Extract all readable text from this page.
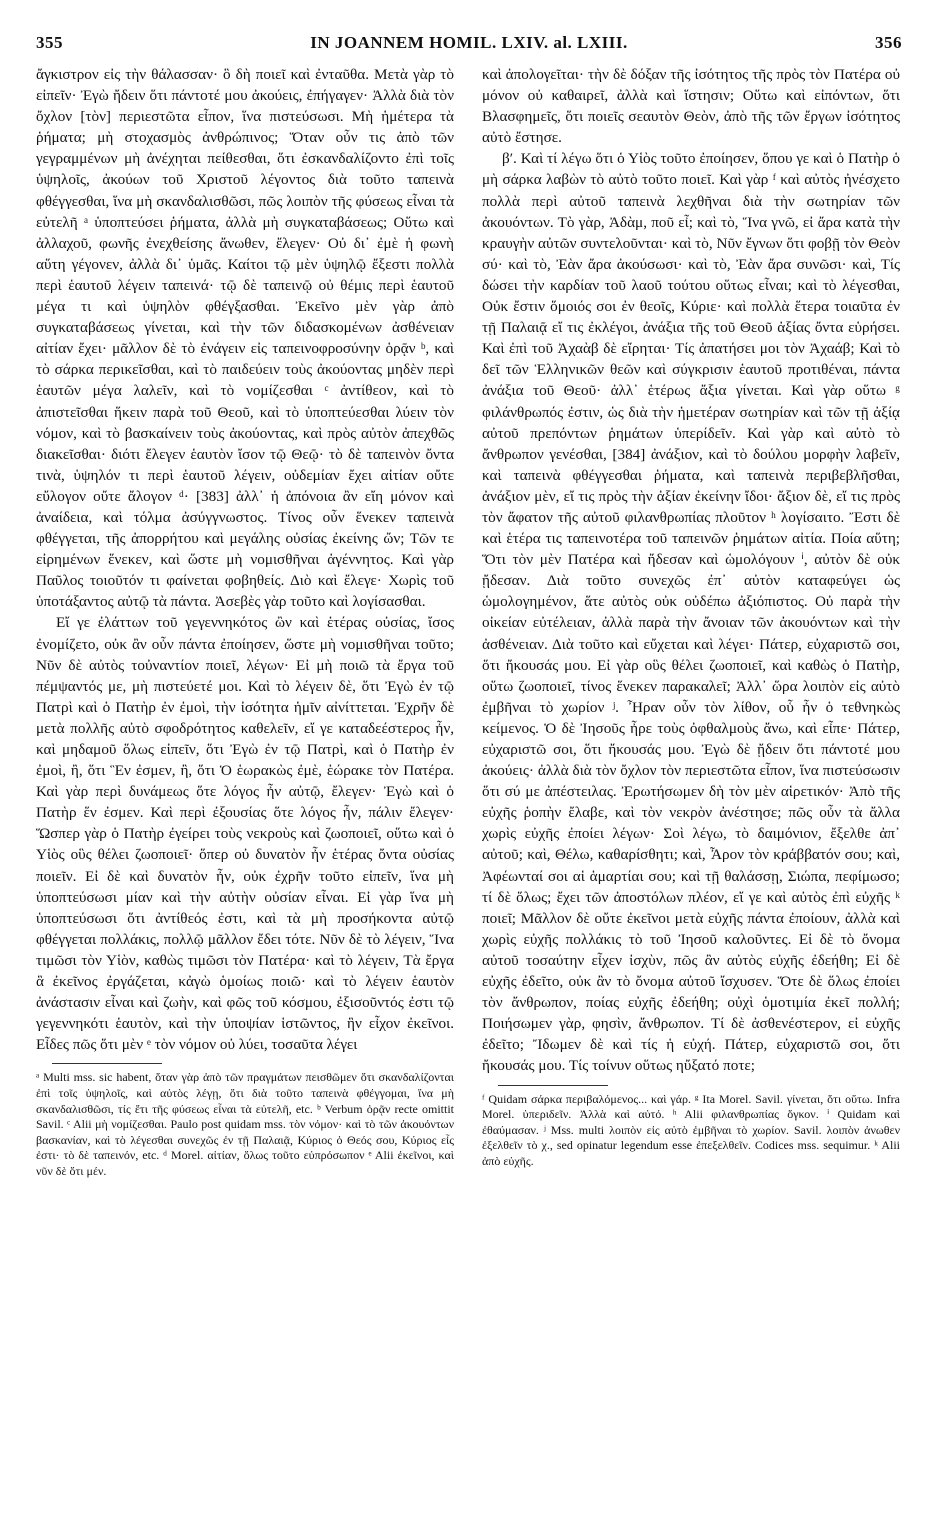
355	IN JOANNEM HOMIL. LXIV. al. LXIII.	356

ἄγκιστρον εἰς τὴν θάλασσαν· ὃ δὴ ποιεῖ καὶ ἐνταῦθα. Μετὰ γὰρ τὸ εἰπεῖν· Ἐγὼ ἤδειν ὅτι πάντοτέ μου ἀκούεις, ἐπήγαγεν· Ἀλλὰ διὰ τὸν ὄχλον [τὸν] περιεστῶτα εἶπον, ἵνα πιστεύσωσι. Μὴ ἡμέτερα τὰ ῥήματα; μὴ στοχασμὸς ἀνθρώπινος; Ὅταν οὖν τις ἀπὸ τῶν γεγραμμένων μὴ ἀνέχηται πείθεσθαι, ὅτι ἐσκανδαλίζοντο ἐπὶ τοῖς ὑψηλοῖς, ἀκούων τοῦ Χριστοῦ λέγοντος διὰ τοῦτο ταπεινὰ φθέγγεσθαι, ἵνα μὴ σκανδαλισθῶσι, πῶς λοιπὸν τῆς φύσεως εἶναι τὰ εὐτελῆ ᵃ ὑποπτεύσει ῥήματα, ἀλλὰ μὴ συγκαταβάσεως; Οὕτω καὶ ἀλλαχοῦ, φωνῆς ἐνεχθείσης ἄνωθεν, ἔλεγεν· Οὐ δι᾽ ἐμὲ ἡ φωνὴ αὕτη γέγονεν, ἀλλὰ δι᾽ ὑμᾶς. Καίτοι τῷ μὲν ὑψηλῷ ἔξεστι πολλὰ περὶ ἑαυτοῦ λέγειν ταπεινά· τῷ δὲ ταπεινῷ οὐ θέμις περὶ ἑαυτοῦ μέγα τι καὶ ὑψηλὸν φθέγξασθαι. Ἐκεῖνο μὲν γὰρ ἀπὸ συγκαταβάσεως γίνεται, καὶ τὴν τῶν διδασκομένων ἀσθένειαν αἰτίαν ἔχει· μᾶλλον δὲ τὸ ἐνάγειν εἰς ταπεινοφροσύνην ὁρᾷν ᵇ, καὶ τὸ σάρκα περικεῖσθαι, καὶ τὸ παιδεύειν τοὺς ἀκούοντας μηδὲν περὶ ἑαυτῶν μέγα λαλεῖν, καὶ τὸ νομίζεσθαι ᶜ ἀντίθεον, καὶ τὸ ἀπιστεῖσθαι ἥκειν παρὰ τοῦ Θεοῦ, καὶ τὸ ὑποπτεύεσθαι λύειν τὸν νόμον, καὶ τὸ βασκαίνειν τοὺς ἀκούοντας, καὶ πρὸς αὐτὸν ἀπεχθῶς διακεῖσθαι· διότι ἔλεγεν ἑαυτὸν ἴσον τῷ Θεῷ· τὸ δὲ ταπεινὸν ὄντα τινὰ, ὑψηλόν τι περὶ ἑαυτοῦ λέγειν, οὐδεμίαν ἔχει αἰτίαν οὔτε εὔλογον οὔτε ἄλογον ᵈ· [383] ἀλλ᾽ ἡ ἀπόνοια ἂν εἴη μόνον καὶ ἀναίδεια, καὶ τόλμα ἀσύγγνωστος. Τίνος οὖν ἕνεκεν ταπεινὰ φθέγγεται, τῆς ἀπορρήτου καὶ μεγάλης οὐσίας ἐκείνης ὤν; Τῶν τε εἰρημένων ἕνεκεν, καὶ ὥστε μὴ νομισθῆναι ἀγέννητος. Καὶ γὰρ Παῦλος τοιοῦτόν τι φαίνεται φοβηθείς. Διὸ καὶ ἔλεγε· Χωρὶς τοῦ ὑποτάξαντος αὐτῷ τὰ πάντα. Ἀσεβὲς γὰρ τοῦτο καὶ λογίσασθαι.

Εἴ γε ἐλάττων τοῦ γεγεννηκότος ὢν καὶ ἑτέρας οὐσίας, ἴσος ἐνομίζετο, οὐκ ἂν οὖν πάντα ἐποίησεν, ὥστε μὴ νομισθῆναι τοῦτο; Νῦν δὲ αὐτὸς τοὐναντίον ποιεῖ, λέγων· Εἰ μὴ ποιῶ τὰ ἔργα τοῦ πέμψαντός με, μὴ πιστεύετέ μοι. Καὶ τὸ λέγειν δὲ, ὅτι Ἐγὼ ἐν τῷ Πατρὶ καὶ ὁ Πατὴρ ἐν ἐμοὶ, τὴν ἰσότητα ἡμῖν αἰνίττεται. Ἐχρῆν δὲ μετὰ πολλῆς αὐτὸ σφοδρότητος καθελεῖν, εἴ γε καταδεέστερος ἦν, καὶ μηδαμοῦ ὅλως εἰπεῖν, ὅτι Ἐγὼ ἐν τῷ Πατρὶ, καὶ ὁ Πατὴρ ἐν ἐμοὶ, ἢ, ὅτι Ἓν ἐσμεν, ἢ, ὅτι Ὁ ἑωρακὼς ἐμὲ, ἑώρακε τὸν Πατέρα. Καὶ γὰρ περὶ δυνάμεως ὅτε λόγος ἦν αὐτῷ, ἔλεγεν· Ἐγὼ καὶ ὁ Πατὴρ ἕν ἐσμεν. Καὶ περὶ ἐξουσίας ὅτε λόγος ἦν, πάλιν ἔλεγεν· Ὥσπερ γὰρ ὁ Πατὴρ ἐγείρει τοὺς νεκροὺς καὶ ζωοποιεῖ, οὕτω καὶ ὁ Υἱὸς οὓς θέλει ζωοποιεῖ· ὅπερ οὐ δυνατὸν ἦν ἑτέρας ὄντα οὐσίας ποιεῖν. Εἰ δὲ καὶ δυνατὸν ἦν, οὐκ ἐχρῆν τοῦτο εἰπεῖν, ἵνα μὴ ὑποπτεύσωσι μίαν καὶ τὴν αὐτὴν οὐσίαν εἶναι. Εἰ γὰρ ἵνα μὴ ὑποπτεύσωσι ὅτι ἀντίθεός ἐστι, καὶ τὰ μὴ προσήκοντα αὐτῷ φθέγγεται πολλάκις, πολλῷ μᾶλλον ἔδει τότε. Νῦν δὲ τὸ λέγειν, Ἵνα τιμῶσι τὸν Υἱὸν, καθὼς τιμῶσι τὸν Πατέρα· καὶ τὸ λέγειν, Τὰ ἔργα ἃ ἐκεῖνος ἐργάζεται, κἀγὼ ὁμοίως ποιῶ· καὶ τὸ λέγειν ἑαυτὸν ἀνάστασιν εἶναι καὶ ζωὴν, καὶ φῶς τοῦ κόσμου, ἐξισοῦντός ἐστι τῷ γεγεννηκότι ἑαυτὸν, καὶ τὴν ὑποψίαν ἱστῶντος, ἣν εἶχον ἐκεῖνοι. Εἶδες πῶς ὅτι μὲν ᵉ τὸν νόμον οὐ λύει, τοσαῦτα λέγει

ᵃ Multi mss. sic habent, ὅταν γὰρ ἀπὸ τῶν πραγμάτων πεισθῶμεν ὅτι σκανδαλίζονται ἐπὶ τοῖς ὑψηλοῖς, καὶ αὐτὸς λέγῃ, ὅτι διὰ τοῦτο ταπεινὰ φθέγγομαι, ἵνα μὴ σκανδαλισθῶσι, τίς ἔτι τῆς φύσεως εἶναι τὰ εὐτελῆ, etc. ᵇ Verbum ὁρᾷν recte omittit Savil. ᶜ Alii μὴ νομίζεσθαι. Paulo post quidam mss. τὸν νόμον· καὶ τὸ τῶν ἀκουόντων βασκανίαν, καὶ τὸ λέγεσθαι συνεχῶς ἐν τῇ Παλαιᾷ, Κύριος ὁ Θεός σου, Κύριος εἷς ἐστι· τὸ δὲ ταπεινόν, etc. ᵈ Morel. αἰτίαν, ὅλως τοῦτο εὐπρόσωπον ᵉ Alii ἐκεῖνοι, καὶ νῦν δὲ ὅτι μέν.

καὶ ἀπολογεῖται· τὴν δὲ δόξαν τῆς ἰσότητος τῆς πρὸς τὸν Πατέρα οὐ μόνον οὐ καθαιρεῖ, ἀλλὰ καὶ ἵστησιν; Οὕτω καὶ εἰπόντων, ὅτι Βλασφημεῖς, ὅτι ποιεῖς σεαυτὸν Θεὸν, ἀπὸ τῆς τῶν ἔργων ἰσότητος αὐτὸ ἔστησε.

βʹ. Καὶ τί λέγω ὅτι ὁ Υἱὸς τοῦτο ἐποίησεν, ὅπου γε καὶ ὁ Πατὴρ ὁ μὴ σάρκα λαβὼν τὸ αὐτὸ τοῦτο ποιεῖ. Καὶ γὰρ ᶠ καὶ αὐτὸς ἠνέσχετο πολλὰ περὶ αὐτοῦ ταπεινὰ λεχθῆναι διὰ τὴν σωτηρίαν τῶν ἀκουόντων. Τὸ γὰρ, Ἀδὰμ, ποῦ εἶ; καὶ τὸ, Ἵνα γνῶ, εἰ ἄρα κατὰ τὴν κραυγὴν αὐτῶν συντελοῦνται· καὶ τὸ, Νῦν ἔγνων ὅτι φοβῇ τὸν Θεὸν σύ· καὶ τὸ, Ἐὰν ἄρα ἀκούσωσι· καὶ τὸ, Ἐὰν ἄρα συνῶσι· καὶ, Τίς δώσει τὴν καρδίαν τοῦ λαοῦ τούτου οὕτως εἶναι; καὶ τὸ λέγεσθαι, Οὐκ ἔστιν ὅμοιός σοι ἐν θεοῖς, Κύριε· καὶ πολλὰ ἕτερα τοιαῦτα ἐν τῇ Παλαιᾷ εἴ τις ἐκλέγοι, ἀνάξια τῆς τοῦ Θεοῦ ἀξίας ὄντα εὑρήσει. Καὶ ἐπὶ τοῦ Ἀχαὰβ δὲ εἴρηται· Τίς ἀπατήσει μοι τὸν Ἀχαάβ; Καὶ τὸ δεῖ τῶν Ἑλληνικῶν θεῶν καὶ σύγκρισιν ἑαυτοῦ προτιθέναι, πάντα ἀνάξια τοῦ Θεοῦ· ἀλλ᾽ ἑτέρως ἄξια γίνεται. Καὶ γὰρ οὕτω ᵍ φιλάνθρωπός ἐστιν, ὡς διὰ τὴν ἡμετέραν σωτηρίαν καὶ τῶν τῇ ἀξίᾳ αὐτοῦ πρεπόντων ῥημάτων ὑπερίδεῖν. Καὶ γὰρ καὶ αὐτὸ τὸ ἄνθρωπον γενέσθαι, [384] ἀνάξιον, καὶ τὸ δούλου μορφὴν λαβεῖν, καὶ ταπεινὰ φθέγγεσθαι ῥήματα, καὶ ταπεινὰ περιβεβλῆσθαι, ἀνάξιον μὲν, εἴ τις πρὸς τὴν ἀξίαν ἐκείνην ἴδοι· ἄξιον δὲ, εἴ τις πρὸς τὸν ἄφατον τῆς αὐτοῦ φιλανθρωπίας πλοῦτον ʰ λογίσαιτο. Ἔστι δὲ καὶ ἑτέρα τις ταπεινοτέρα τοῦ ταπεινῶν ῥημάτων αἰτία. Ποία αὕτη; Ὅτι τὸν μὲν Πατέρα καὶ ἤδεσαν καὶ ὡμολόγουν ⁱ, αὐτὸν δὲ οὐκ ᾔδεσαν. Διὰ τοῦτο συνεχῶς ἐπ᾽ αὐτὸν καταφεύγει ὡς ὡμολογημένον, ἅτε αὐτὸς οὐκ οὐδέπω ἀξιόπιστος. Οὐ παρὰ τὴν οἰκείαν εὐτέλειαν, ἀλλὰ παρὰ τὴν ἄνοιαν τῶν ἀκουόντων καὶ τὴν ἀσθένειαν. Διὰ τοῦτο καὶ εὔχεται καὶ λέγει· Πάτερ, εὐχαριστῶ σοι, ὅτι ἤκουσάς μου. Εἰ γὰρ οὓς θέλει ζωοποιεῖ, καὶ καθὼς ὁ Πατὴρ, οὕτω ζωοποιεῖ, τίνος ἕνεκεν παρακαλεῖ; Ἀλλ᾽ ὥρα λοιπὸν εἰς αὐτὸ ἐμβῆναι τὸ χωρίον ʲ. Ἦραν οὖν τὸν λίθον, οὗ ἦν ὁ τεθνηκὼς κείμενος. Ὁ δὲ Ἰησοῦς ἦρε τοὺς ὀφθαλμοὺς ἄνω, καὶ εἶπε· Πάτερ, εὐχαριστῶ σοι, ὅτι ἤκουσάς μου. Ἐγὼ δὲ ᾔδειν ὅτι πάντοτέ μου ἀκούεις· ἀλλὰ διὰ τὸν ὄχλον τὸν περιεστῶτα εἶπον, ἵνα πιστεύσωσιν ὅτι σύ με ἀπέστειλας. Ἐρωτήσωμεν δὴ τὸν μὲν αἱρετικόν· Ἀπὸ τῆς εὐχῆς ῥοπὴν ἔλαβε, καὶ τὸν νεκρὸν ἀνέστησε; πῶς οὖν τὰ ἄλλα χωρὶς εὐχῆς ἐποίει λέγων· Σοὶ λέγω, τὸ δαιμόνιον, ἔξελθε ἀπ᾽ αὐτοῦ; καὶ, Θέλω, καθαρίσθητι; καὶ, Ἆρον τὸν κράββατόν σου; καὶ, Ἀφέωνταί σοι αἱ ἁμαρτίαι σου; καὶ τῇ θαλάσσῃ, Σιώπα, πεφίμωσο; τί δὲ ὅλως; ἔχει τῶν ἀποστόλων πλέον, εἴ γε καὶ αὐτὸς ἐπὶ εὐχῆς ᵏ ποιεῖ; Μᾶλλον δὲ οὔτε ἐκεῖνοι μετὰ εὐχῆς πάντα ἐποίουν, ἀλλὰ καὶ χωρὶς εὐχῆς πολλάκις τὸ τοῦ Ἰησοῦ καλοῦντες. Εἰ δὲ τὸ ὄνομα αὐτοῦ τοσαύτην εἶχεν ἰσχὺν, πῶς ἂν αὐτὸς εὐχῆς ἐδεήθη; Εἰ δὲ εὐχῆς ἐδεῖτο, οὐκ ἂν τὸ ὄνομα αὐτοῦ ἴσχυσεν. Ὅτε δὲ ὅλως ἐποίει τὸν ἄνθρωπον, ποίας εὐχῆς ἐδεήθη; οὐχὶ ὁμοτιμία ἐκεῖ πολλή; Ποιήσωμεν γὰρ, φησὶν, ἄνθρωπον. Τί δὲ ἀσθενέστερον, εἰ εὐχῆς ἐδεῖτο; Ἴδωμεν δὲ καὶ τίς ἡ εὐχή. Πάτερ, εὐχαριστῶ σοι, ὅτι ἤκουσάς μου. Τίς τοίνυν οὕτως ηὔξατό ποτε;

ᶠ Quidam σάρκα περιβαλόμενος... καὶ γάρ. ᵍ Ita Morel. Savil. γίνεται, ὅτι οὕτω. Infra Morel. ὑπεριδεῖν. Ἀλλὰ καὶ αὐτό. ʰ Alii φιλανθρωπίας ὄγκον. ⁱ Quidam καὶ ἐθαύμασαν. ʲ Mss. multi λοιπὸν εἰς αὐτὸ ἐμβῆναι τὸ χωρίον. Savil. λοιπὸν ἀνωθεν ἐξελθεῖν τὸ χ., sed opinatur legendum esse ἐπεξελθεῖν. Codices mss. sequimur. ᵏ Alii ἀπὸ εὐχῆς.
